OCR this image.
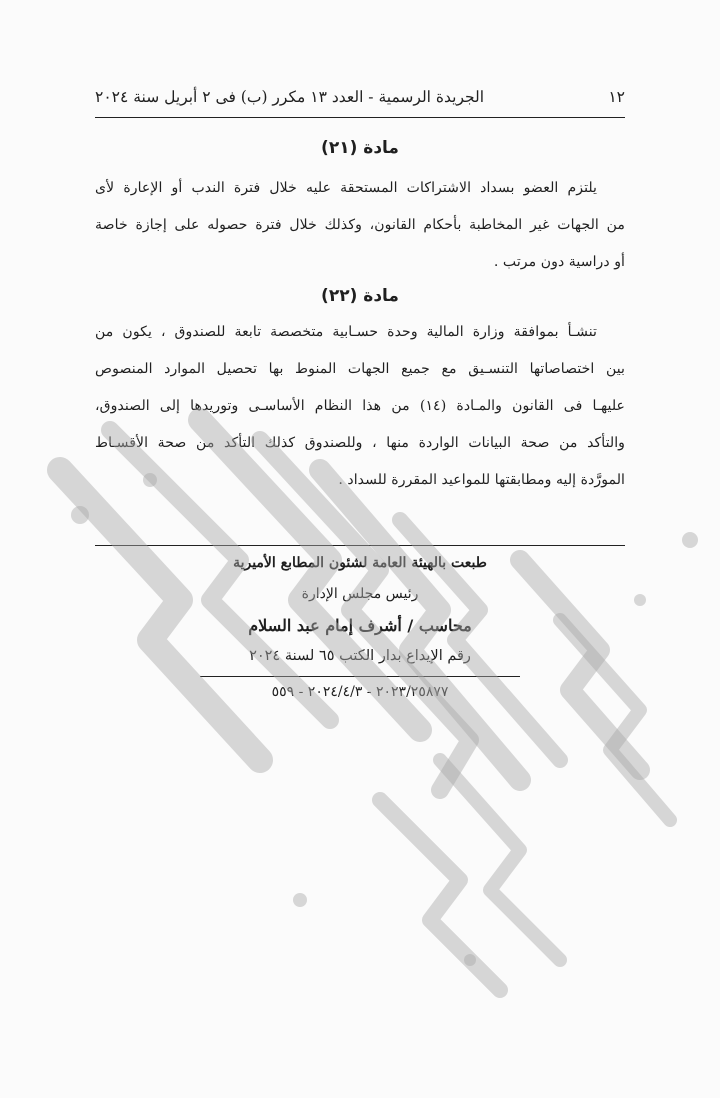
١٢
الجريدة الرسمية - العدد ١٣ مكرر (ب) فى ٢ أبريل سنة ٢٠٢٤
مادة (٢١)
يلتزم العضو بسداد الاشتراكات المستحقة عليه خلال فترة الندب أو الإعارة لأى
من الجهات غير المخاطبة بأحكام القانون، وكذلك خلال فترة حصوله على إجازة خاصة
أو دراسية دون مرتب .
مادة (٢٢)
تنشـأ بموافقة وزارة المالية وحدة حسـابية متخصصة تابعة للصندوق ، يكون من
بين اختصاصاتها التنسـيق مع جميع الجهات المنوط بها تحصيل الموارد المنصوص
عليهـا فى القانون والمـادة (١٤) من هذا النظام الأساسـى وتوريدها إلى الصندوق،
والتأكد من صحة البيانات الواردة منها ، وللصندوق كذلك التأكد من صحة الأقسـاط
المورَّدة إليه ومطابقتها للمواعيد المقررة للسداد .
طبعت بالهيئة العامة لشئون المطابع الأميرية
رئيس مجلس الإدارة
محاسب / أشرف إمام عبد السلام
رقم الإيداع بدار الكتب ٦٥ لسنة ٢٠٢٤
٢٠٢٣/٢٥٨٧٧ - ٢٠٢٤/٤/٣ - ٥٥٩
